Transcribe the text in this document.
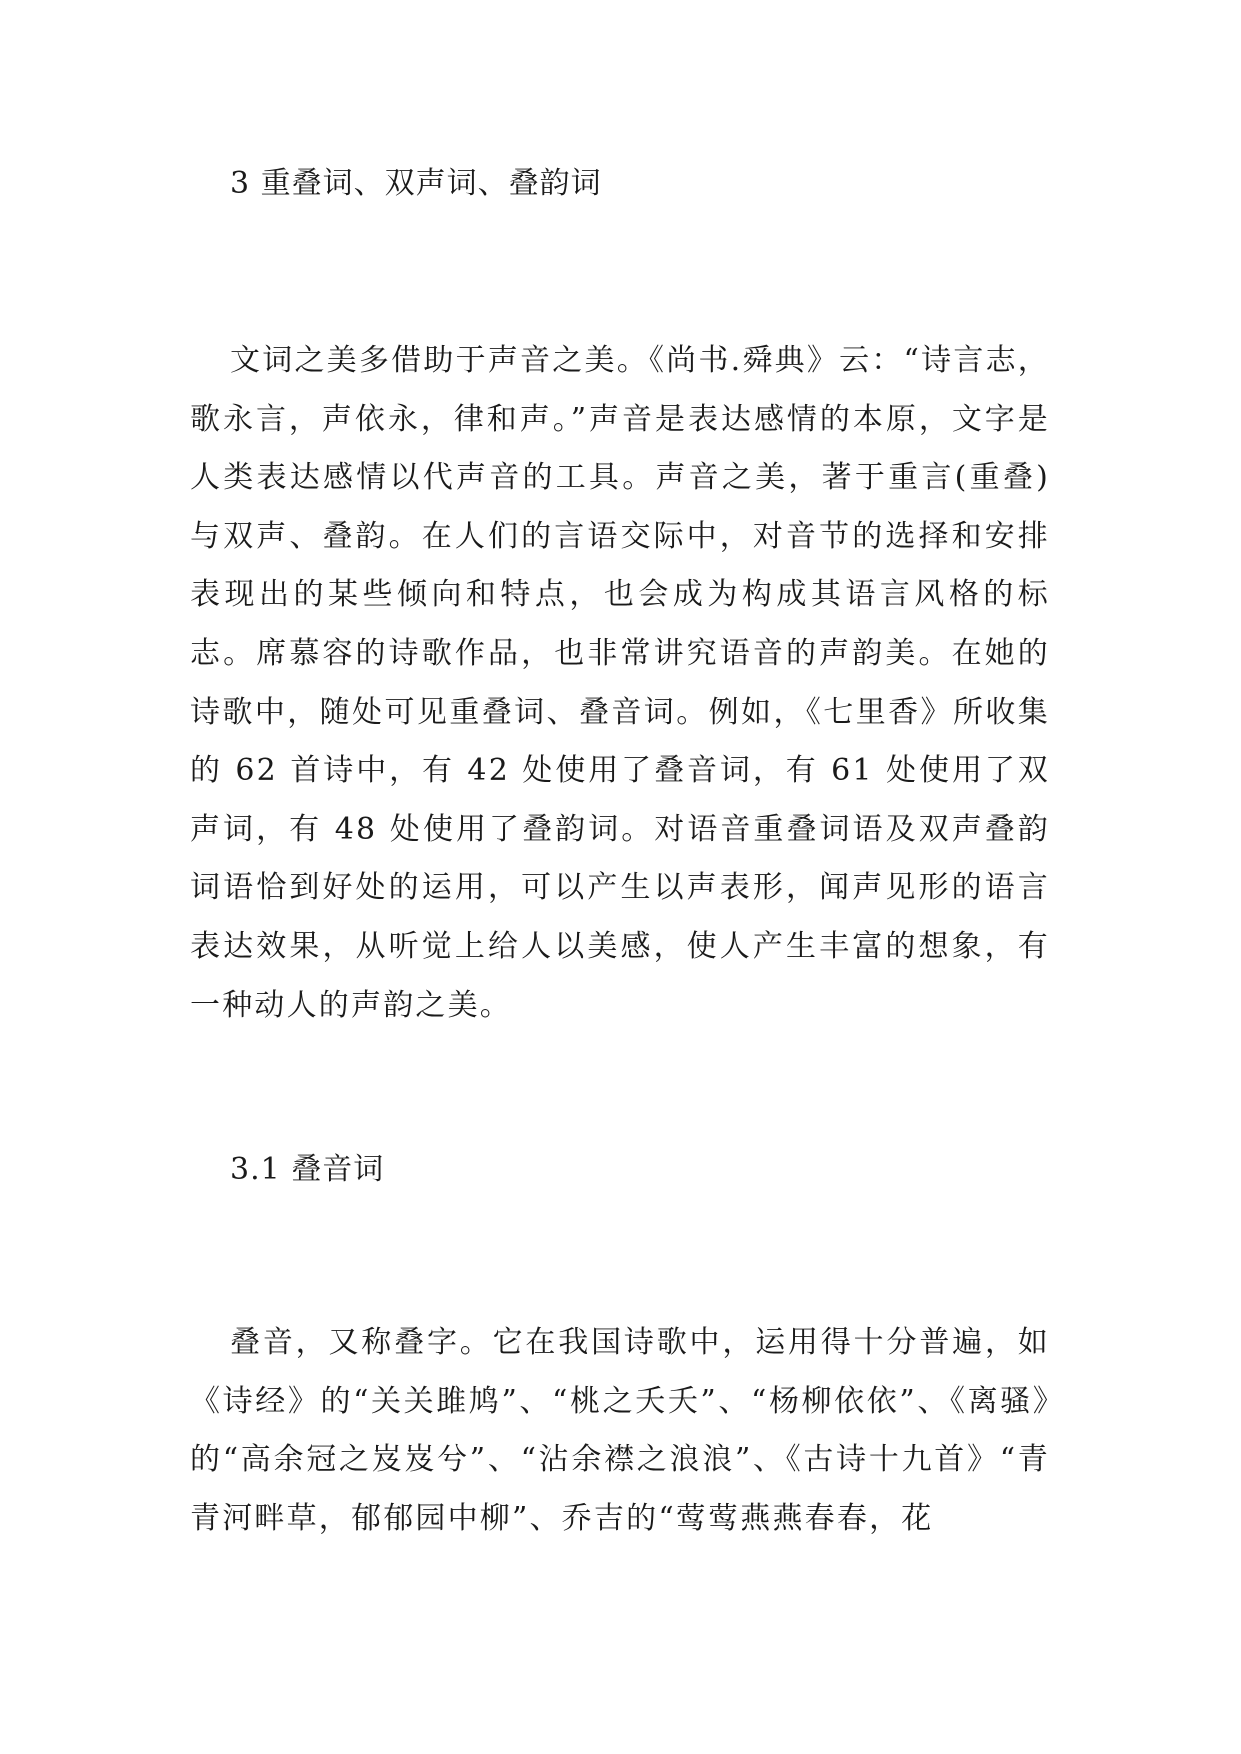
3 重叠词、双声词、叠韵词

文词之美多借助于声音之美。《尚书.舜典》云：“诗言志，歌永言，声依永，律和声。”声音是表达感情的本原，文字是人类表达感情以代声音的工具。声音之美，著于重言(重叠)与双声、叠韵。在人们的言语交际中，对音节的选择和安排表现出的某些倾向和特点，也会成为构成其语言风格的标志。席慕容的诗歌作品，也非常讲究语音的声韵美。在她的诗歌中，随处可见重叠词、叠音词。例如，《七里香》所收集的 62 首诗中，有 42 处使用了叠音词，有 61 处使用了双声词，有 48 处使用了叠韵词。对语音重叠词语及双声叠韵词语恰到好处的运用，可以产生以声表形，闻声见形的语言表达效果，从听觉上给人以美感，使人产生丰富的想象，有一种动人的声韵之美。

3.1 叠音词

叠音，又称叠字。它在我国诗歌中，运用得十分普遍，如《诗经》的“关关雎鸠”、“桃之夭夭”、“杨柳依依”、《离骚》的“高余冠之岌岌兮”、“沾余襟之浪浪”、《古诗十九首》“青青河畔草，郁郁园中柳”、乔吉的“莺莺燕燕春春，花
